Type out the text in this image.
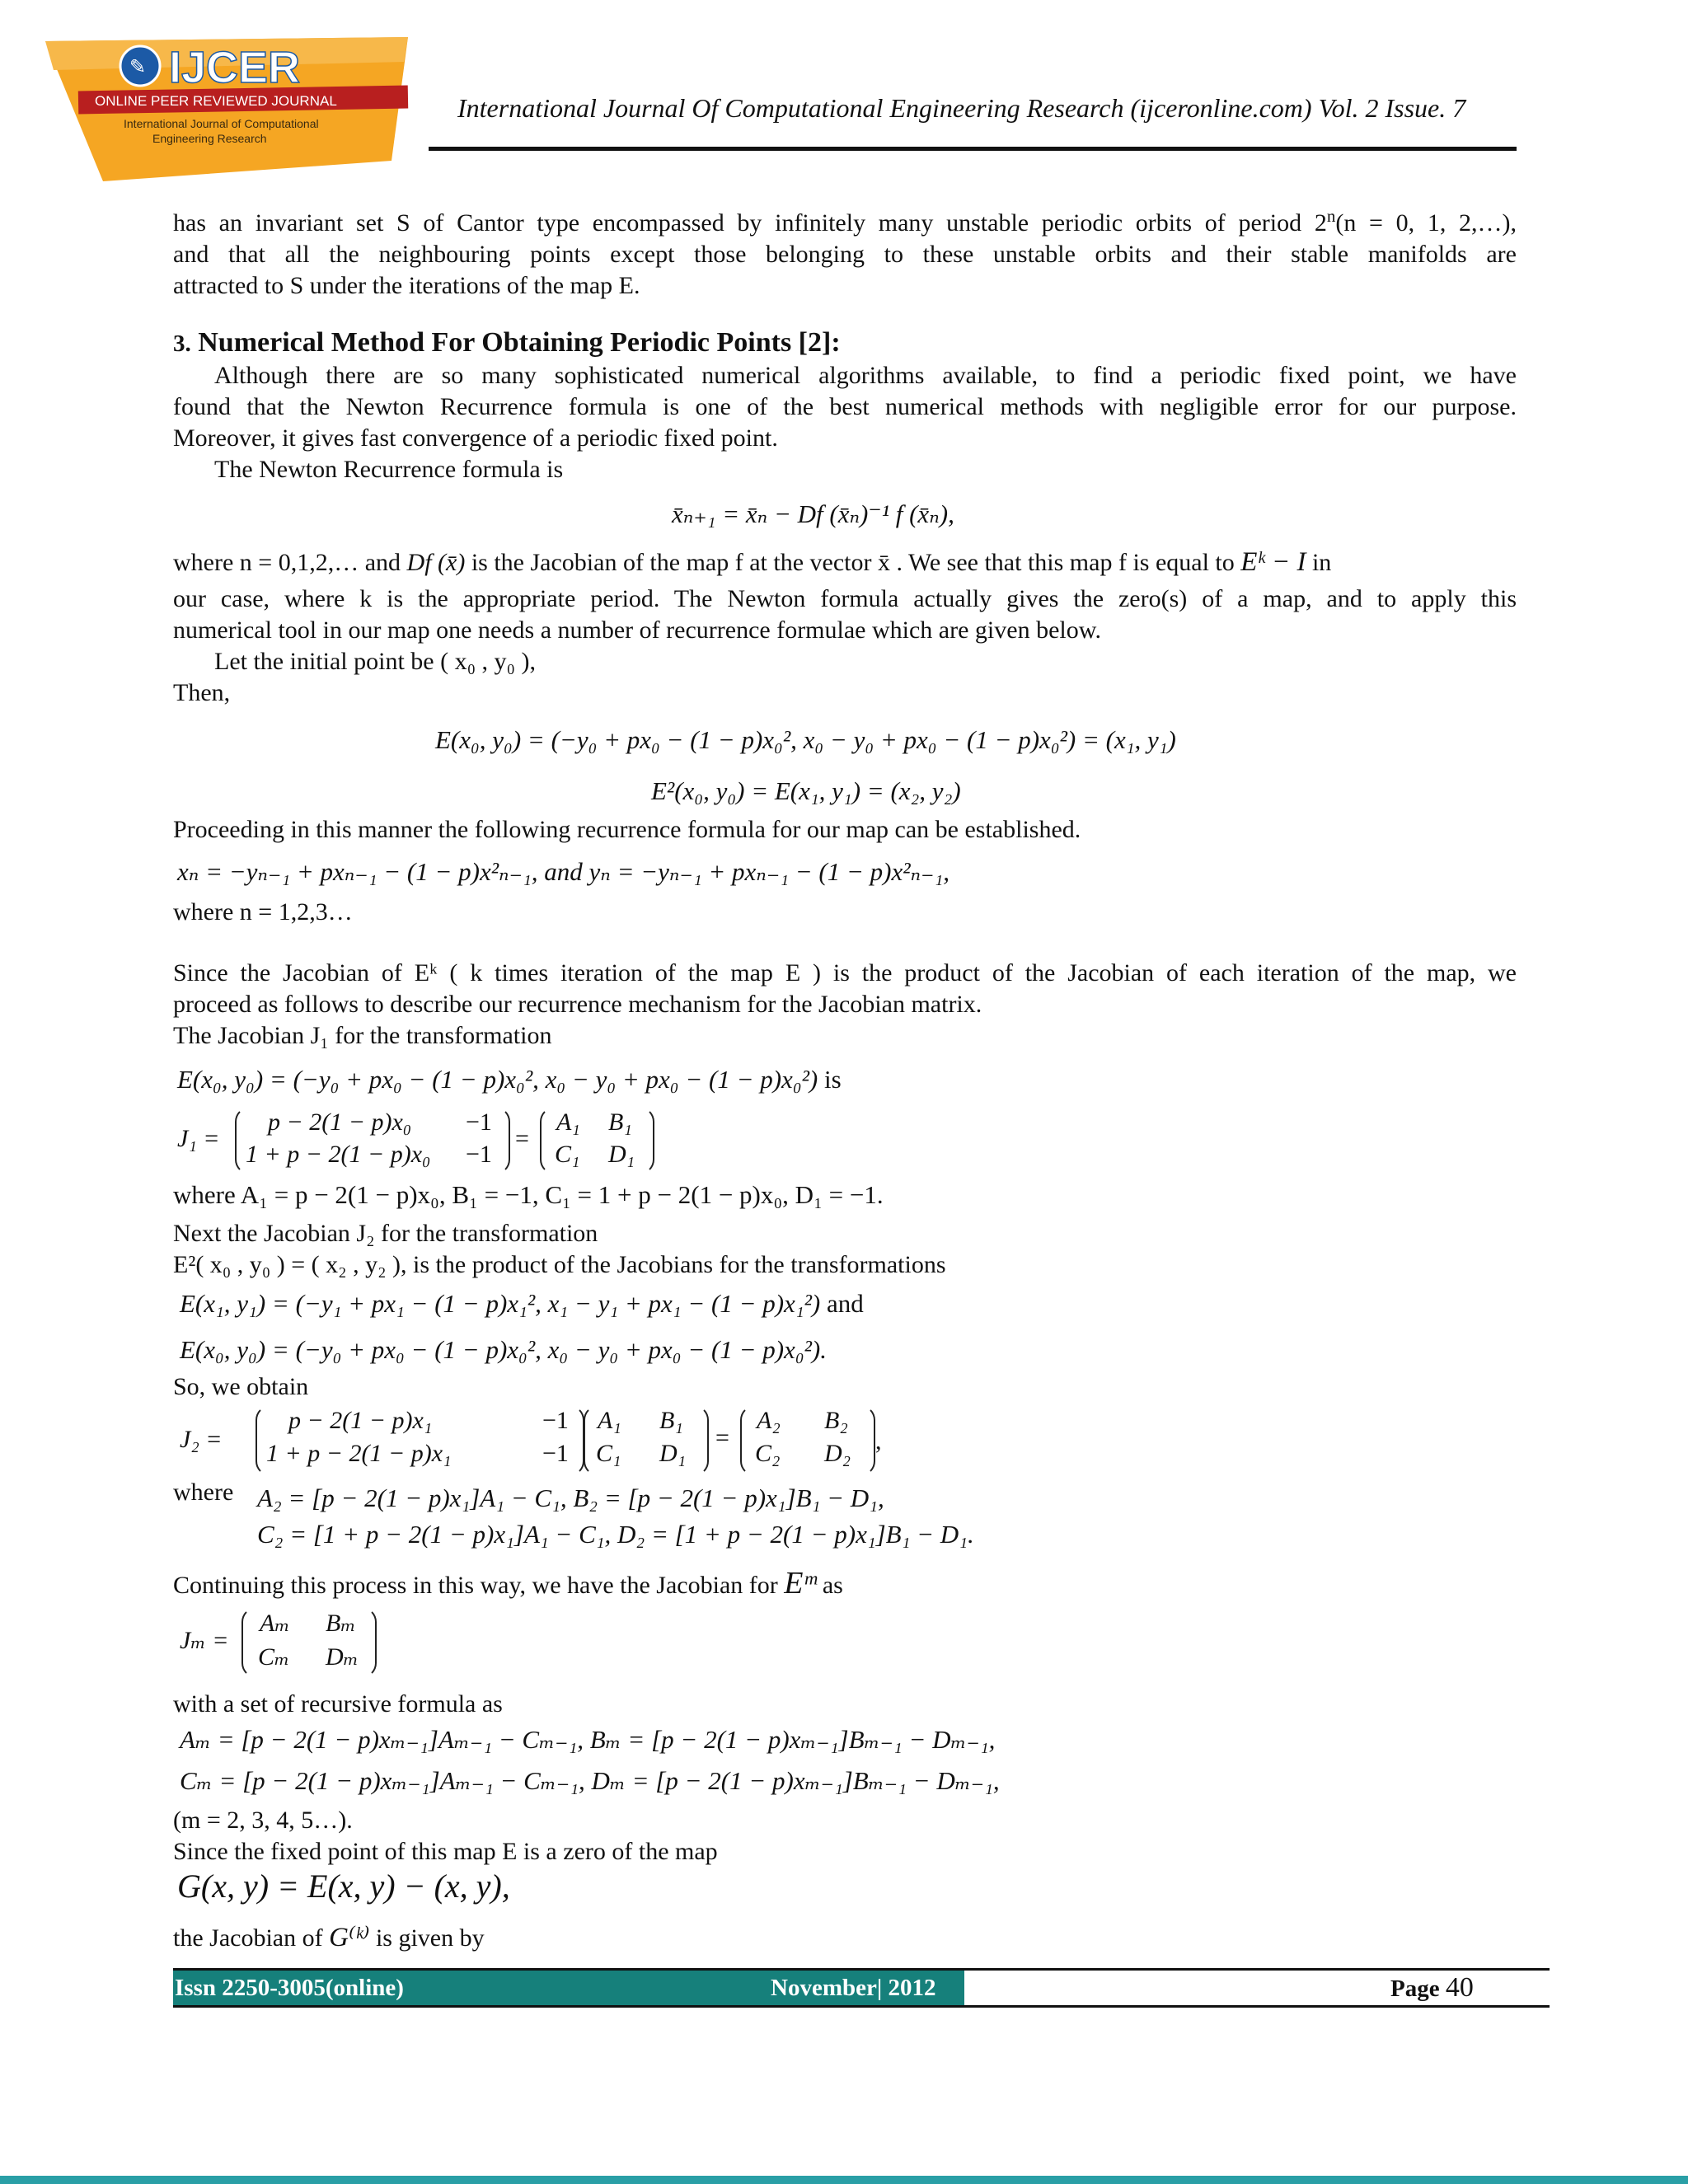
✎ IJCER
ONLINE PEER REVIEWED JOURNAL
International Journal of Computational
Engineering Research
International Journal Of Computational Engineering Research (ijceronline.com) Vol. 2 Issue. 7
has an invariant set S of Cantor type encompassed by infinitely many unstable periodic orbits of period $2^n(n = 0$, 1, 2,…),
and that all the neighbouring points except those belonging to these unstable orbits and their stable manifolds are
attracted to S under the iterations of the map E.
3. Numerical Method For Obtaining Periodic Points [2]:
Although there are so many sophisticated numerical algorithms available, to find a periodic fixed point, we have
found that the Newton Recurrence formula is one of the best numerical methods with negligible error for our purpose.
Moreover, it gives fast convergence of a periodic fixed point.
The Newton Recurrence formula is
x̄ₙ₊₁ = x̄ₙ − Df (x̄ₙ)⁻¹ f (x̄ₙ),
where n = 0,1,2,… and Df (x̄) is the Jacobian of the map f at the vector x̄ . We see that this map f is equal to Eᵏ − I in
our case, where k is the appropriate period. The Newton formula actually gives the zero(s) of a map, and to apply this
numerical tool in our map one needs a number of recurrence formulae which are given below.
Let the initial point be ( x₀ , y₀ ),
Then,
E(x₀, y₀) = (−y₀ + px₀ − (1 − p)x₀², x₀ − y₀ + px₀ − (1 − p)x₀²) = (x₁, y₁)
E²(x₀, y₀) = E(x₁, y₁) = (x₂, y₂)
Proceeding in this manner the following recurrence formula for our map can be established.
xₙ = −yₙ₋₁ + pxₙ₋₁ − (1 − p)x²ₙ₋₁, and yₙ = −yₙ₋₁ + pxₙ₋₁ − (1 − p)x²ₙ₋₁,
where n = 1,2,3…
Since the Jacobian of Eᵏ ( k times iteration of the map E ) is the product of the Jacobian of each iteration of the map, we
proceed as follows to describe our recurrence mechanism for the Jacobian matrix.
The Jacobian J₁ for the transformation
E(x₀, y₀) = (−y₀ + px₀ − (1 − p)x₀², x₀ − y₀ + px₀ − (1 − p)x₀²) is
J₁ =
p − 2(1 − p)x₀ −1
1 + p − 2(1 − p)x₀ −1
=
A₁ B₁
C₁ D₁
where A₁ = p − 2(1 − p)x₀, B₁ = −1, C₁ = 1 + p − 2(1 − p)x₀, D₁ = −1.
Next the Jacobian J₂ for the transformation
E²( x₀ , y₀ ) = ( x₂ , y₂ ), is the product of the Jacobians for the transformations
E(x₁, y₁) = (−y₁ + px₁ − (1 − p)x₁², x₁ − y₁ + px₁ − (1 − p)x₁²) and
E(x₀, y₀) = (−y₀ + px₀ − (1 − p)x₀², x₀ − y₀ + px₀ − (1 − p)x₀²).
So, we obtain
J₂ =
p − 2(1 − p)x₁	−1
1 + p − 2(1 − p)x₁	−1
A₁ B₁
C₁ D₁
=
A₂ B₂
C₂ D₂ ,
where A₂ = [p − 2(1 − p)x₁]A₁ − C₁, B₂ = [p − 2(1 − p)x₁]B₁ − D₁,
C₂ = [1 + p − 2(1 − p)x₁]A₁ − C₁, D₂ = [1 + p − 2(1 − p)x₁]B₁ − D₁.
Continuing this process in this way, we have the Jacobian for Eᵐ as
Jₘ =
Aₘ Bₘ
Cₘ Dₘ
with a set of recursive formula as
Aₘ = [p − 2(1 − p)xₘ₋₁]Aₘ₋₁ − Cₘ₋₁, Bₘ = [p − 2(1 − p)xₘ₋₁]Bₘ₋₁ − Dₘ₋₁,
Cₘ = [p − 2(1 − p)xₘ₋₁]Aₘ₋₁ − Cₘ₋₁, Dₘ = [p − 2(1 − p)xₘ₋₁]Bₘ₋₁ − Dₘ₋₁,
(m = 2, 3, 4, 5…).
Since the fixed point of this map E is a zero of the map
G(x, y) = E(x, y) − (x, y),
the Jacobian of G⁽ᵏ⁾ is given by
Issn 2250-3005(online)	November| 2012	Page 40
